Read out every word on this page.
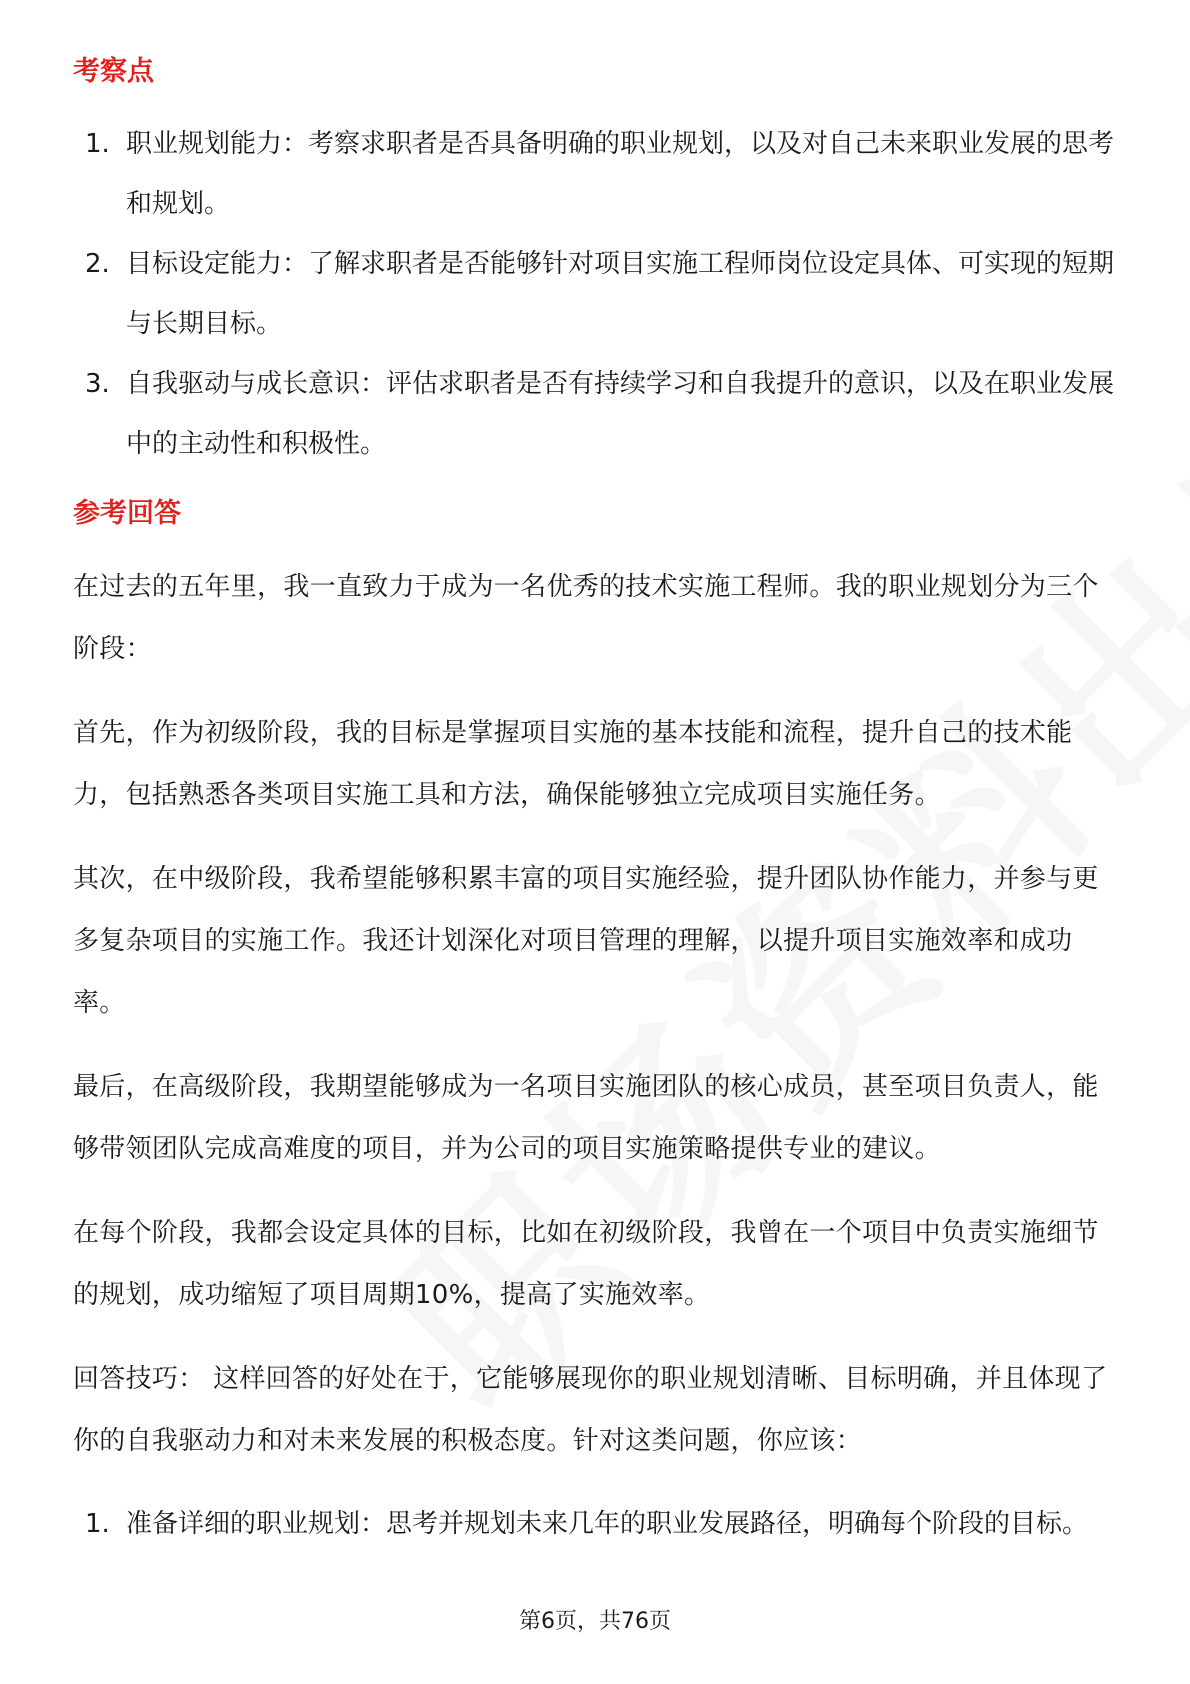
考察点
1. 职业规划能力：考察求职者是否具备明确的职业规划，以及对自己未来职业发展的思考和规划。
2. 目标设定能力：了解求职者是否能够针对项目实施工程师岗位设定具体、可实现的短期与长期目标。
3. 自我驱动与成长意识：评估求职者是否有持续学习和自我提升的意识，以及在职业发展中的主动性和积极性。
参考回答

在过去的五年里，我一直致力于成为一名优秀的技术实施工程师。我的职业规划分为三个阶段：

首先，作为初级阶段，我的目标是掌握项目实施的基本技能和流程，提升自己的技术能力，包括熟悉各类项目实施工具和方法，确保能够独立完成项目实施任务。

其次，在中级阶段，我希望能够积累丰富的项目实施经验，提升团队协作能力，并参与更多复杂项目的实施工作。我还计划深化对项目管理的理解，以提升项目实施效率和成功率。

最后，在高级阶段，我期望能够成为一名项目实施团队的核心成员，甚至项目负责人，能够带领团队完成高难度的项目，并为公司的项目实施策略提供专业的建议。

在每个阶段，我都会设定具体的目标，比如在初级阶段，我曾在一个项目中负责实施细节的规划，成功缩短了项目周期10%，提高了实施效率。

回答技巧： 这样回答的好处在于，它能够展现你的职业规划清晰、目标明确，并且体现了你的自我驱动力和对未来发展的积极态度。针对这类问题，你应该：

1. 准备详细的职业规划：思考并规划未来几年的职业发展路径，明确每个阶段的目标。
第6页，共76页
